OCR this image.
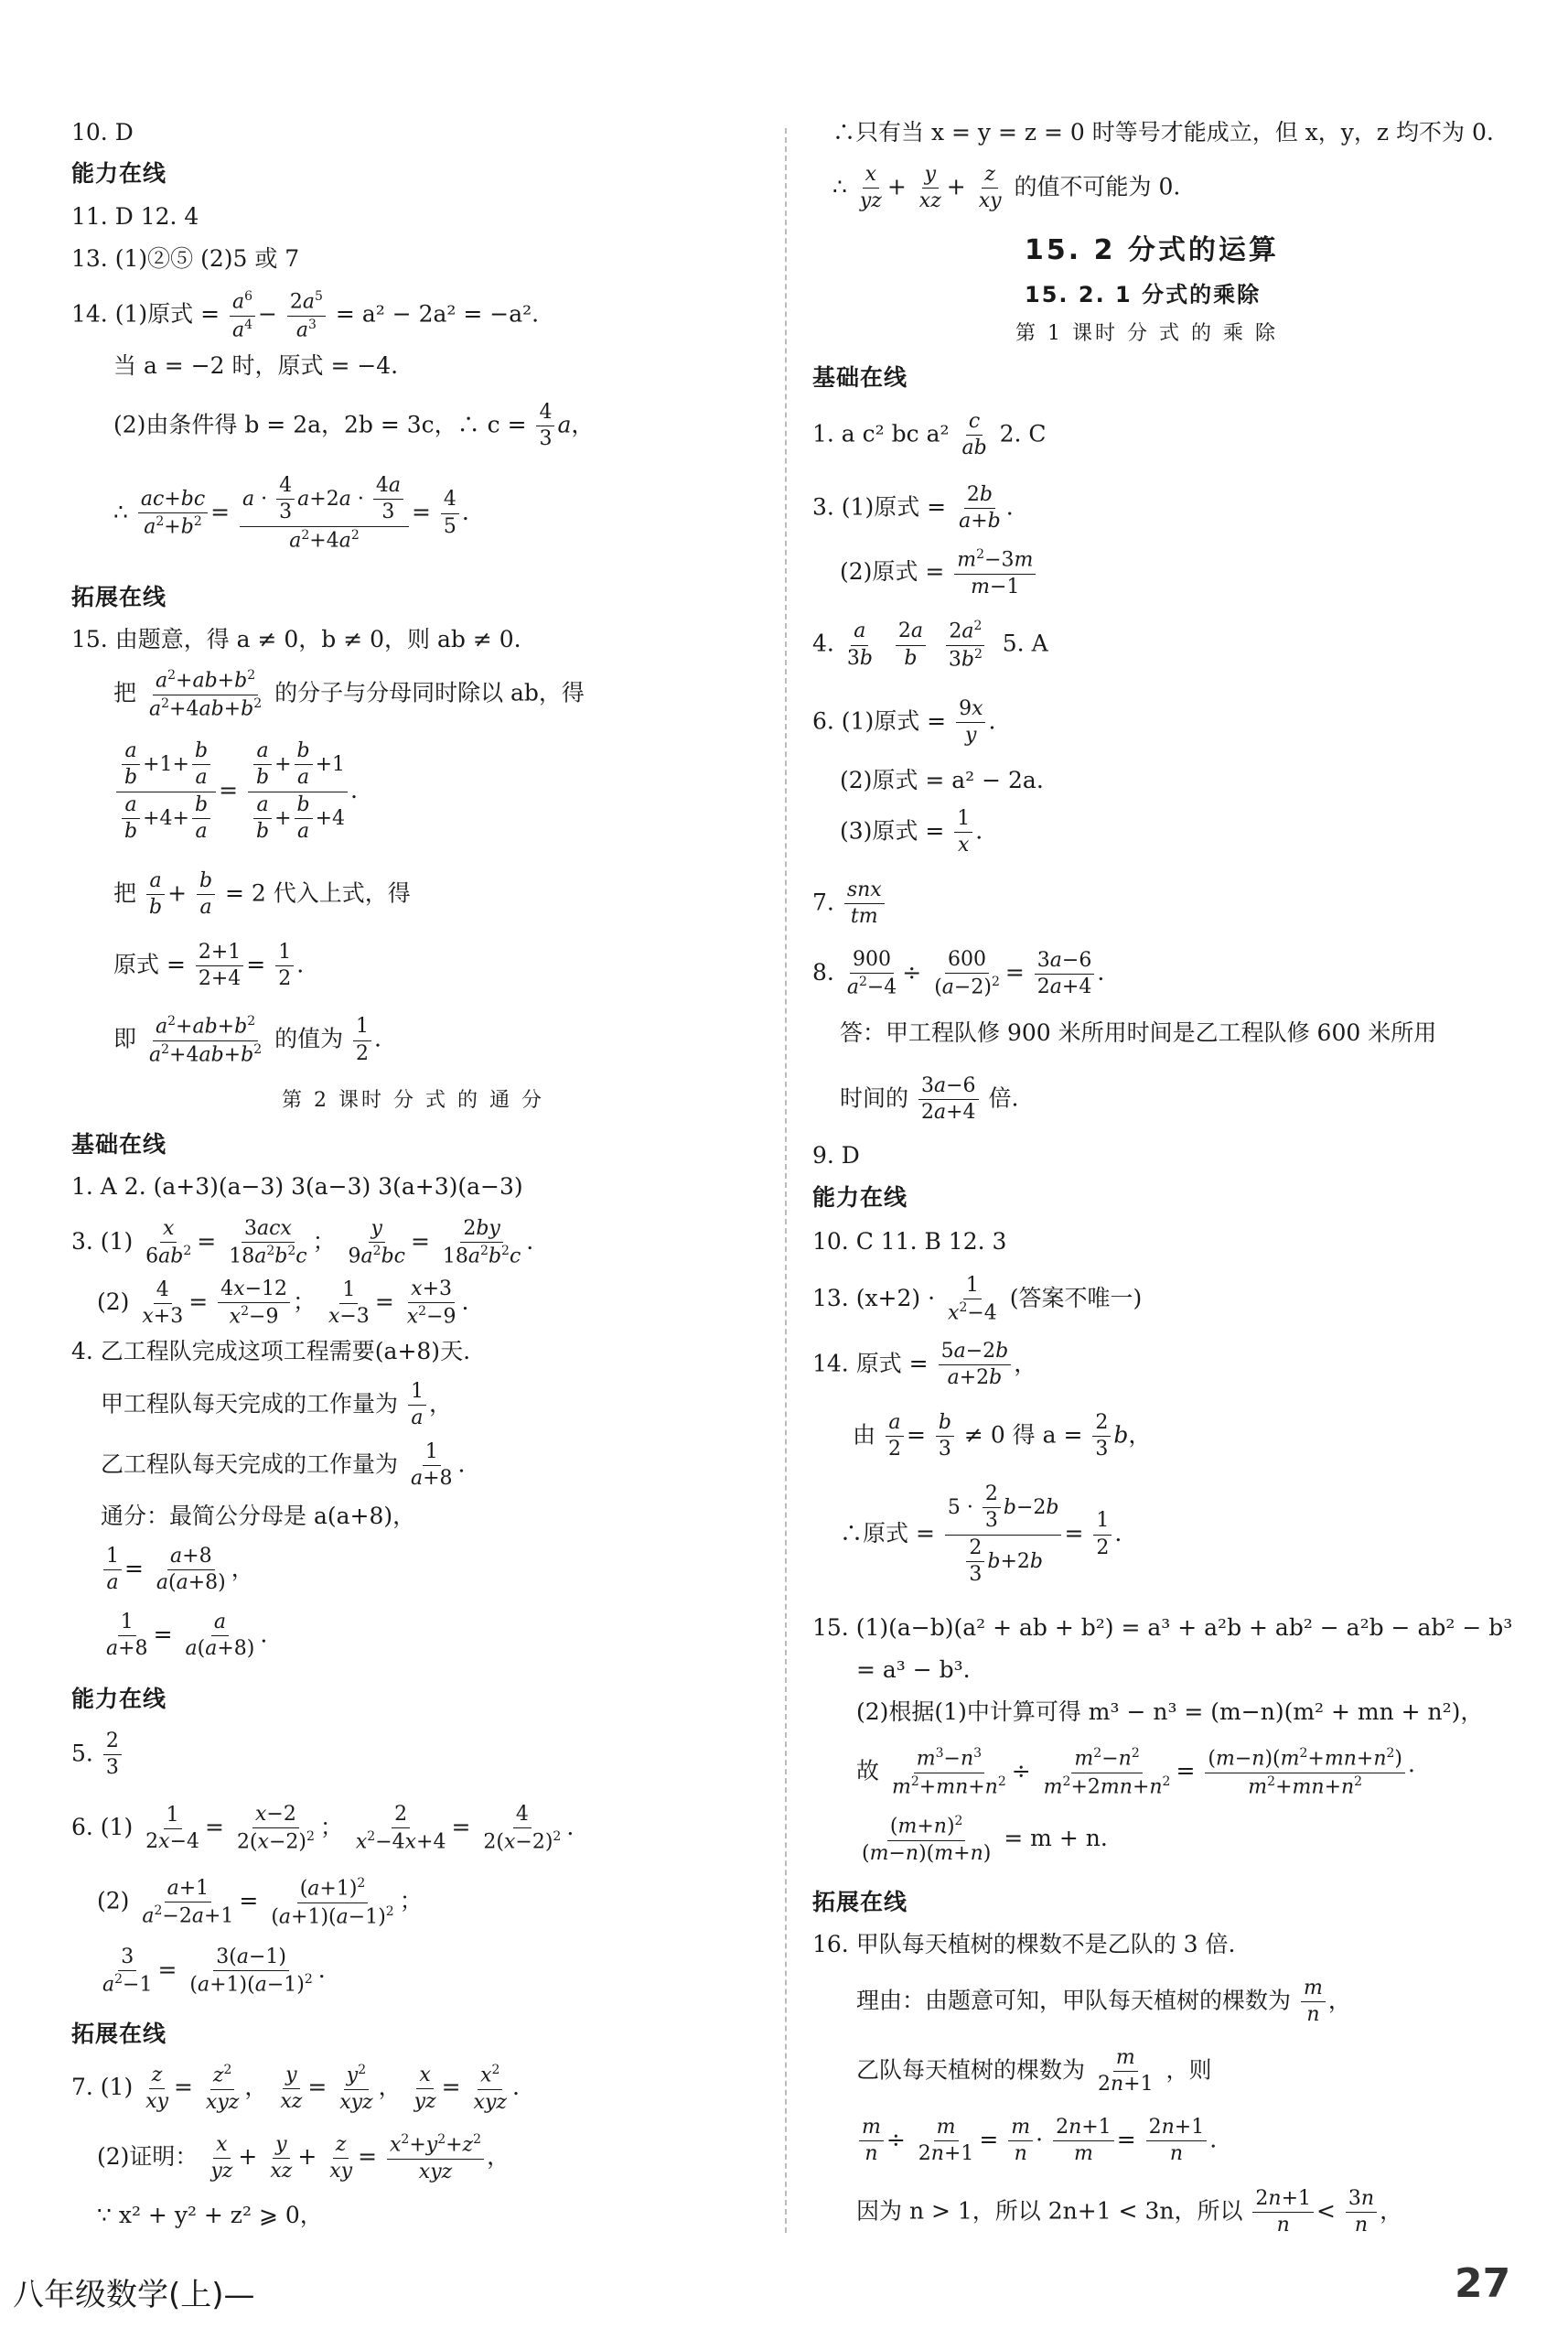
10. D
能力在线
11. D 12. 4
13. (1)②⑤ (2)5 或 7
14. (1)原式 = $\frac{a^6}{a^4} - \frac{2a^5}{a^3} = a^2 - 2a^2 = -a^2$.
当 a = −2 时，原式 = −4.
(2)由条件得 b = 2a，2b = 3c，∴ $c = \frac{4}{3}$ a，
∴ $\frac{ac+bc}{a^2+b^2} = \frac{a \cdot \frac{4}{3} a+2a \cdot \frac{4a}{3}}{a^2+4a^2} = \frac{4}{5}$ .
拓展在线
15. 由题意，得 a ≠ 0，b ≠ 0，则 ab ≠ 0.
把 $\frac{a^2+ab+b^2}{a^2+4ab+b^2}$ 的分子与分母同时除以 ab，得
$\frac{\frac{a}{b} +1+ \frac{b}{a}}{\frac{a}{b} +4+ \frac{b}{a}} = \frac{\frac{a}{b} + \frac{b}{a} +1}{\frac{a}{b} + \frac{b}{a} +4}$ .
把 $\frac{a}{b} + \frac{b}{a} = 2$ 代入上式，得
原式 = $\frac{2+1}{2+4} = \frac{1}{2}$ .
即 $\frac{a^2+ab+b^2}{a^2+4ab+b^2}$ 的值为 $\frac{1}{2}$ .
第 2 课时 分 式 的 通 分
基础在线
1. A 2. (a+3)(a−3) 3(a−3) 3(a+3)(a−3)
3. $(1) \frac{x}{6ab^2} = \frac{\text{3acx}}{18a^2b^2c}$ ； $\frac{y}{9a^2bc} = \frac{2by}{18a^2b^2c}$ .
$(2) \frac{4}{x+3} = \frac{4x-12}{x^2-9}$ ； $\frac{1}{x-3} = \frac{x+3}{x^2-9}$ .
4. 乙工程队完成这项工程需要(a+8)天.
甲工程队每天完成的工作量为 $\frac{1}{a}$ ，
乙工程队每天完成的工作量为 $\frac{1}{a+8}$ .
通分：最简公分母是 a(a+8)，
$\frac{1}{a} = \frac{a+8}{a(a+8)}$ ，
$\frac{1}{a+8} = \frac{a}{a(a+8)}$ .
能力在线
5. $\frac{2}{3}$
6. $(1) \frac{1}{2x-4} = \frac{x-2}{2(x-2)^2}$ ； $\frac{2}{x^2-4x+4} = \frac{4}{2(x-2)^2}$ .
$(2) \frac{a+1}{a^2-2a+1} = \frac{(a+1)^2}{(a+1)(a-1)^2}$ ；
$\frac{3}{a^2-1} = \frac{3(a-1)}{(a+1)(a-1)^2}$ .
拓展在线
7. $(1) \frac{z}{xy} = \frac{z^2}{\text{xyz}}$ ， $\frac{y}{xz} = \frac{y^2}{\text{xyz}}$ ， $\frac{x}{yz} = \frac{x^2}{\text{xyz}}$ .
(2)证明： $\frac{x}{yz} + \frac{y}{xz} + \frac{z}{xy} = \frac{x^2+y^2+z^2}{\text{xyz}}$ ，
∵ x² + y² + z² ⩾ 0，
∴只有当 x = y = z = 0 时等号才能成立，但 x，y，z 均不为 0.
∴ $\frac{x}{yz} + \frac{y}{xz} + \frac{z}{xy}$ 的值不可能为 0.
15. 2 分式的运算
15. 2. 1 分式的乘除
第 1 课时 分 式 的 乘 除
基础在线
1. a c² bc $a^2 \frac{c}{ab} 2$. C
3. (1)原式 = $\frac{2b}{a+b}$ .
(2)原式 = $\frac{m^2-3m}{m-1}$
4. $\frac{a}{3b}$
$\frac{2a}{b}$
$\frac{2a^2}{3b^2} 5$. A
6. (1)原式 = $\frac{9x}{y}$ .
(2)原式 = a² − 2a.
(3)原式 = $\frac{1}{x}$ .
7. $\frac{\text{snx}}{tm}$
8. $\frac{900}{a^2-4} \div \frac{600}{(a-2)^2} = \frac{3a-6}{2a+4}$ .
答：甲工程队修 900 米所用时间是乙工程队修 600 米所用
时间的 $\frac{3a-6}{2a+4}$ 倍.
9. D
能力在线
10. C 11. B 12. 3
13. $(x+2) \cdot \frac{1}{x^2-4}$ (答案不唯一)
14. 原式 = $\frac{5a-2b}{a+2b}$ ，
由 $\frac{a}{2} = \frac{b}{3} \ne 0$ 得 $a = \frac{2}{3}$ b，
∴原式 = $\frac{5 \cdot \frac{2}{3} b-2b}{\frac{2}{3} b+2b} = \frac{1}{2}$ .
15. (1)(a−b)(a² + ab + b²) = a³ + a²b + ab² − a²b − ab² − b³
= a³ − b³.
(2)根据(1)中计算可得 m³ − n³ = (m−n)(m² + mn + n²)，
故 $\frac{m^3-n^3}{m^2+mn+n^2} \div \frac{m^2-n^2}{m^2+2mn+n^2} = \frac{(m-n)(m^2+mn+n^2)}{m^2+mn+n^2}$ ·
$\frac{(m+n)^2}{(m-n)(m+n)} = m + n$.
拓展在线
16. 甲队每天植树的棵数不是乙队的 3 倍.
理由：由题意可知，甲队每天植树的棵数为 $\frac{m}{n}$ ，
乙队每天植树的棵数为 $\frac{m}{2n+1}$ ，则
$\frac{m}{n} \div \frac{m}{2n+1} = \frac{m}{n} \cdot \frac{2n+1}{m} = \frac{2n+1}{n}$ .
因为 n > 1，所以 2n+1 < 3n，所以 $\frac{2n+1}{n} < \frac{3n}{n}$ ，
八年级数学(上)—	27
